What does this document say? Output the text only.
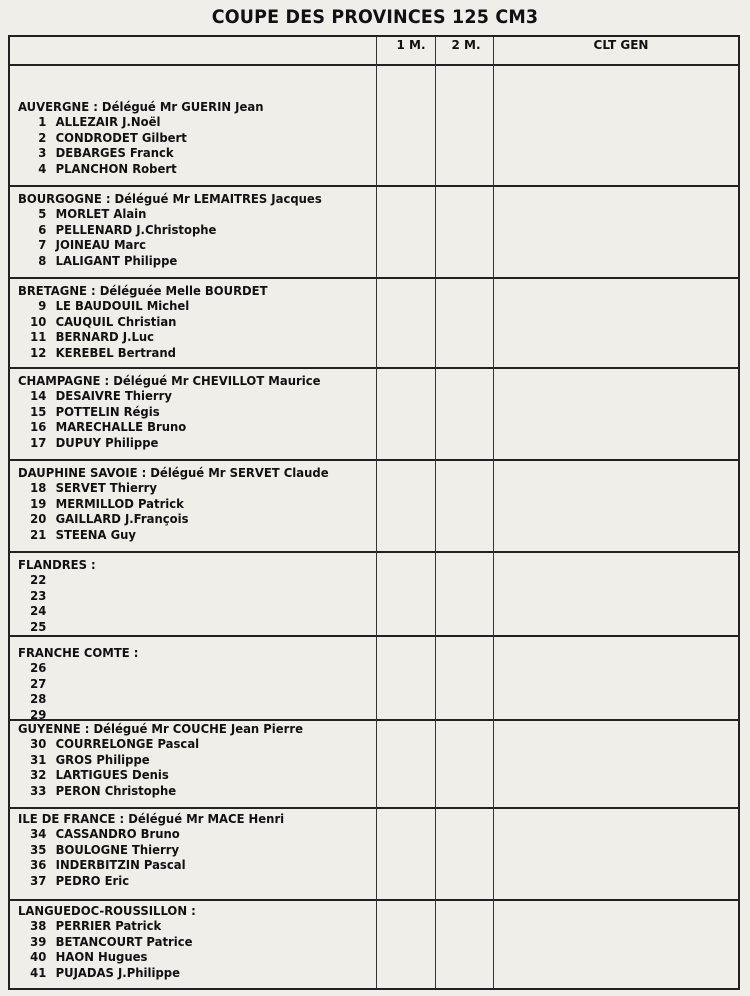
COUPE DES PROVINCES 125 CM3
1 M.	2 M.	CLT GEN
AUVERGNE : Délégué Mr GUERIN Jean
1 ALLEZAIR J.Noël
2 CONDRODET Gilbert
3 DEBARGES Franck
4 PLANCHON Robert
BOURGOGNE : Délégué Mr LEMAITRES Jacques
5 MORLET Alain
6 PELLENARD J.Christophe
7 JOINEAU Marc
8 LALIGANT Philippe
BRETAGNE : Déléguée Melle BOURDET
9 LE BAUDOUIL Michel
10 CAUQUIL Christian
11 BERNARD J.Luc
12 KEREBEL Bertrand
CHAMPAGNE : Délégué Mr CHEVILLOT Maurice
14 DESAIVRE Thierry
15 POTTELIN Régis
16 MARECHALLE Bruno
17 DUPUY Philippe
DAUPHINE SAVOIE : Délégué Mr SERVET Claude
18 SERVET Thierry
19 MERMILLOD Patrick
20 GAILLARD J.François
21 STEENA Guy
FLANDRES :
22
23
24
25
FRANCHE COMTE :
26
27
28
29
GUYENNE : Délégué Mr COUCHE Jean Pierre
30 COURRELONGE Pascal
31 GROS Philippe
32 LARTIGUES Denis
33 PERON Christophe
ILE DE FRANCE : Délégué Mr MACE Henri
34 CASSANDRO Bruno
35 BOULOGNE Thierry
36 INDERBITZIN Pascal
37 PEDRO Eric
LANGUEDOC-ROUSSILLON :
38 PERRIER Patrick
39 BETANCOURT Patrice
40 HAON Hugues
41 PUJADAS J.Philippe
